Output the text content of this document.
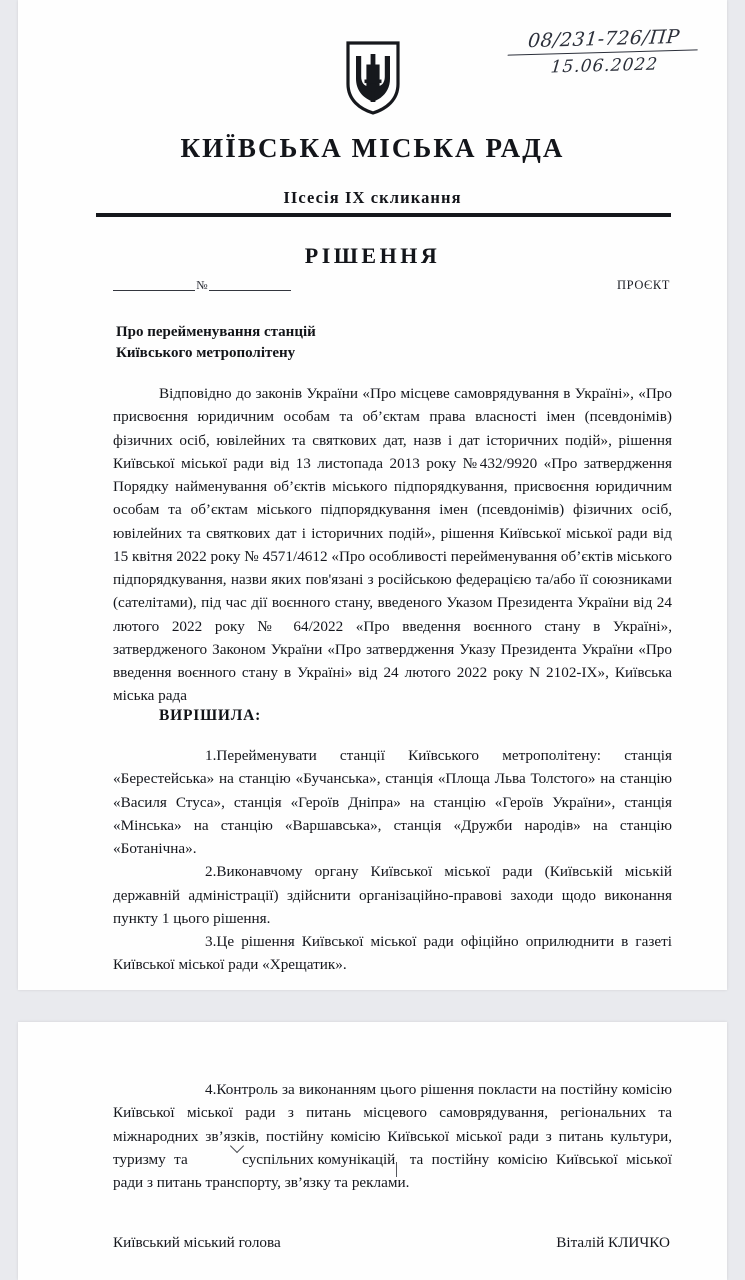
08/231-726/ПР
15.06.2022
КИЇВСЬКА МІСЬКА РАДА
ІІсесія ІХ скликання
РІШЕННЯ
№	ПРОЄКТ
Про перейменування станцій
Київського метрополітену

Відповідно до законів України «Про місцеве самоврядування в Україні», «Про присвоєння юридичним особам та об’єктам права власності імен (псевдонімів) фізичних осіб, ювілейних та святкових дат, назв і дат історичних подій», рішення Київської міської ради від 13 листопада 2013 року №432/9920 «Про затвердження Порядку найменування об’єктів міського підпорядкування, присвоєння юридичним особам та об’єктам міського підпорядкування імен (псевдонімів) фізичних осіб, ювілейних та святкових дат і історичних подій», рішення Київської міської ради від 15 квітня 2022 року № 4571/4612 «Про особливості перейменування об’єктів міського підпорядкування, назви яких пов'язані з російською федерацією та/або її союзниками (сателітами), під час дії воєнного стану, введеного Указом Президента України від 24 лютого 2022 року № 64/2022 «Про введення воєнного стану в Україні», затвердженого Законом України «Про затвердження Указу Президента України «Про введення воєнного стану в Україні» від 24 лютого 2022 року N 2102-IX», Київська міська рада

ВИРІШИЛА:

1.Перейменувати станції Київського метрополітену: станція «Берестейська» на станцію «Бучанська», станція «Площа Льва Толстого» на станцію «Василя Стуса», станція «Героїв Дніпра» на станцію «Героїв України», станція «Мінська» на станцію «Варшавська», станція «Дружби народів» на станцію «Ботанічна».

2.Виконавчому органу Київської міської ради (Київській міській державній адміністрації) здійснити організаційно-правові заходи щодо виконання пункту 1 цього рішення.

3.Це рішення Київської міської ради офіційно оприлюднити в газеті Київської міської ради «Хрещатик».

4.Контроль за виконанням цього рішення покласти на постійну комісію Київської міської ради з питань місцевого самоврядування, регіональних та міжнародних зв’язків, постійну комісію Київської міської ради з питань культури, туризму та	суспільних комунікацій та постійну комісію Київської міської ради з питань транспорту, зв’язку та реклами.

Київський міський голова	Віталій КЛИЧКО
